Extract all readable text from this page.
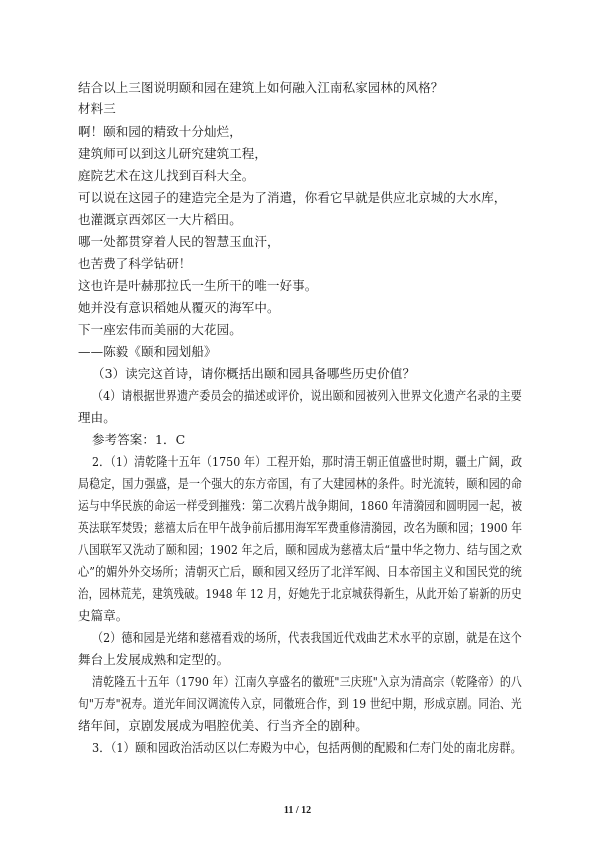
结合以上三图说明颐和园在建筑上如何融入江南私家园林的风格？
材料三
啊！颐和园的精致十分灿烂，
建筑师可以到这儿研究建筑工程，
庭院艺术在这儿找到百科大全。
可以说在这园子的建造完全是为了消遣，你看它早就是供应北京城的大水库，
也灌溉京西郊区一大片稻田。
哪一处都贯穿着人民的智慧玉血汗，
也苦费了科学钻研！
这也许是叶赫那拉氏一生所干的唯一好事。
她并没有意识稻她从覆灭的海军中。
下一座宏伟而美丽的大花园。
——陈毅《颐和园划船》
（3）读完这首诗，请你概括出颐和园具备哪些历史价值？
（4）请根据世界遗产委员会的描述或评价，说出颐和园被列入世界文化遗产名录的主要
理由。
参考答案：1．C
2．（1）清乾隆十五年（1750 年）工程开始，那时清王朝正值盛世时期，疆土广阔，政
局稳定，国力强盛，是一个强大的东方帝国，有了大建园林的条件。时光流转，颐和园的命
运与中华民族的命运一样受到摧残：第二次鸦片战争期间，1860 年清漪园和圆明园一起，被
英法联军焚毁；慈禧太后在甲午战争前后挪用海军军费重修清漪园，改名为颐和园；1900 年
八国联军又洗动了颐和园；1902 年之后，颐和园成为慈禧太后“量中华之物力、结与国之欢
心”的媚外外交场所；清朝灭亡后，颐和园又经历了北洋军阀、日本帝国主义和国民党的统
治，园林荒芜，建筑残破。1948 年 12 月，好她先于北京城获得新生，从此开始了崭新的历史
史篇章。
（2）德和园是光绪和慈禧看戏的场所，代表我国近代戏曲艺术水平的京剧，就是在这个
舞台上发展成熟和定型的。
清乾隆五十五年（1790 年）江南久享盛名的徽班"三庆班"入京为清高宗（乾隆帝）的八
旬"万寿"祝寿。道光年间汉调流传入京，同徽班合作，到 19 世纪中期，形成京剧。同治、光
绪年间，京剧发展成为唱腔优美、行当齐全的剧种。
3．（1）颐和园政治活动区以仁寿殿为中心，包括两侧的配殿和仁寿门处的南北房群。
11 / 12
